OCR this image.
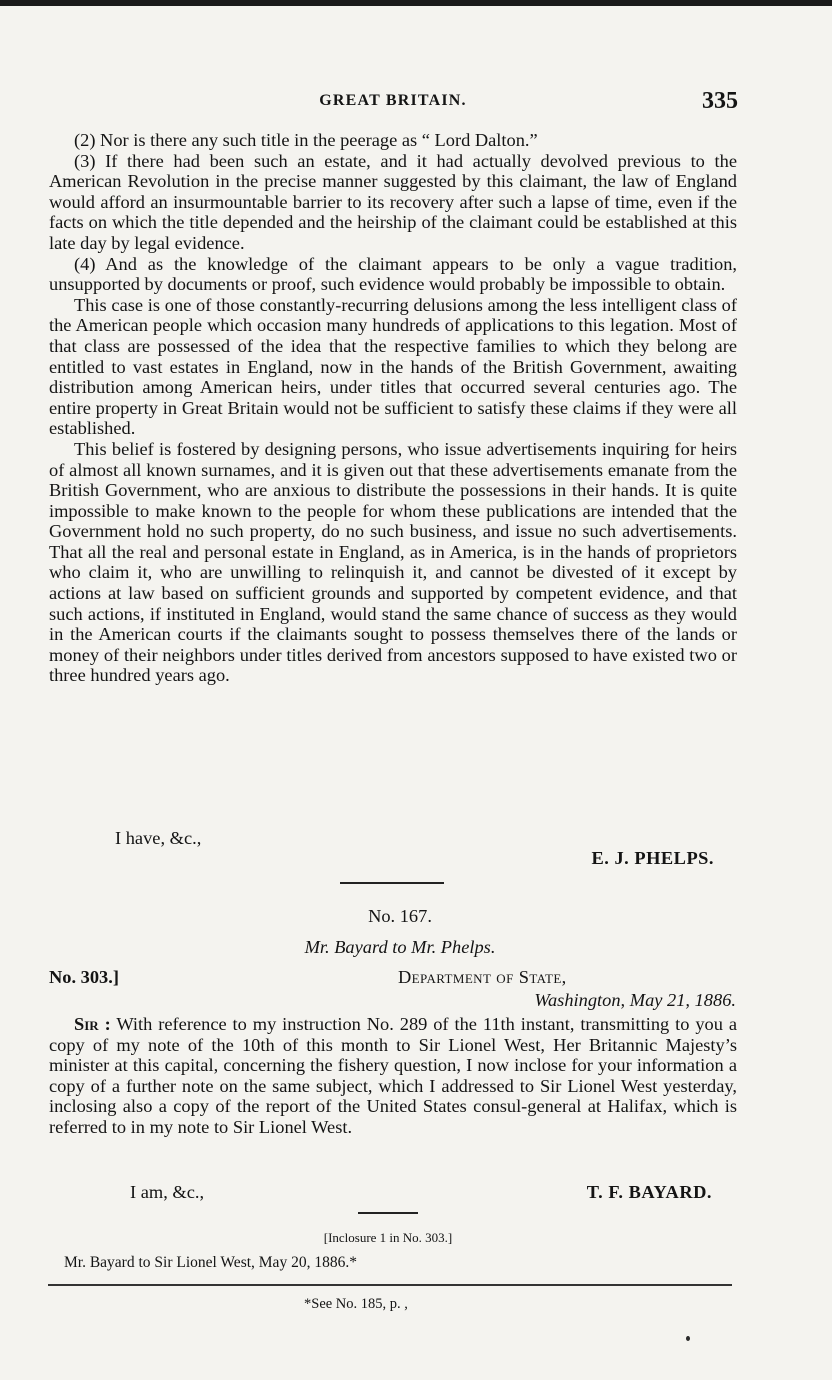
GREAT BRITAIN.	335

(2) Nor is there any such title in the peerage as “ Lord Dalton.”

(3) If there had been such an estate, and it had actually devolved previous to the American Revolution in the precise manner suggested by this claimant, the law of England would afford an insurmountable barrier to its recovery after such a lapse of time, even if the facts on which the title depended and the heirship of the claimant could be established at this late day by legal evidence.

(4) And as the knowledge of the claimant appears to be only a vague tradition, unsupported by documents or proof, such evidence would probably be impossible to obtain.

This case is one of those constantly-recurring delusions among the less intelligent class of the American people which occasion many hundreds of applications to this legation. Most of that class are possessed of the idea that the respective families to which they belong are entitled to vast estates in England, now in the hands of the British Government, awaiting distribution among American heirs, under titles that occurred several centuries ago. The entire property in Great Britain would not be sufficient to satisfy these claims if they were all established.

This belief is fostered by designing persons, who issue advertisements inquiring for heirs of almost all known surnames, and it is given out that these advertisements emanate from the British Government, who are anxious to distribute the possessions in their hands. It is quite impossible to make known to the people for whom these publications are intended that the Government hold no such property, do no such business, and issue no such advertisements. That all the real and personal estate in England, as in America, is in the hands of proprietors who claim it, who are unwilling to relinquish it, and cannot be divested of it except by actions at law based on sufficient grounds and supported by competent evidence, and that such actions, if instituted in England, would stand the same chance of success as they would in the American courts if the claimants sought to possess themselves there of the lands or money of their neighbors under titles derived from ancestors supposed to have existed two or three hundred years ago.

I have, &c.,
E. J. PHELPS.
No. 167.
Mr. Bayard to Mr. Phelps.
No. 303.]	Department of State,
Washington, May 21, 1886.

Sir : With reference to my instruction No. 289 of the 11th instant, transmitting to you a copy of my note of the 10th of this month to Sir Lionel West, Her Britannic Majesty’s minister at this capital, concerning the fishery question, I now inclose for your information a copy of a further note on the same subject, which I addressed to Sir Lionel West yesterday, inclosing also a copy of the report of the United States consul-general at Halifax, which is referred to in my note to Sir Lionel West.

I am, &c.,	T. F. BAYARD.
[Inclosure 1 in No. 303.]
Mr. Bayard to Sir Lionel West, May 20, 1886.*
*See No. 185, p. ,
